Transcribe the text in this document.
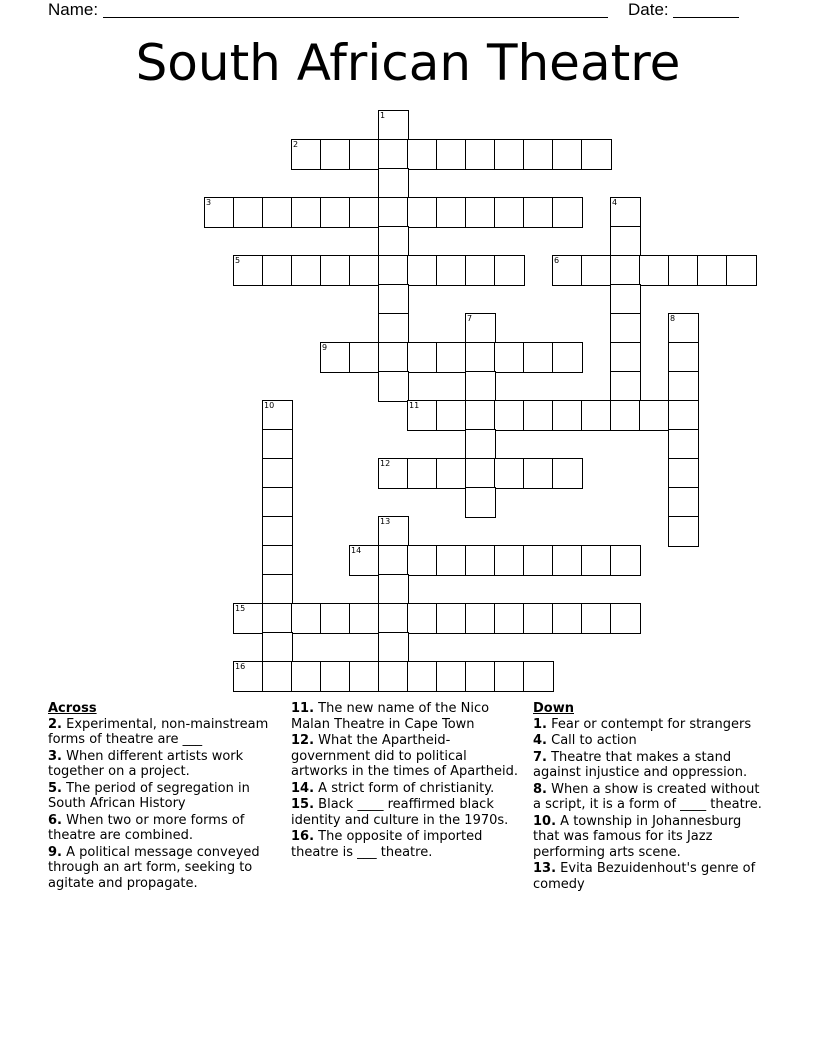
Name:	Date:
South African Theatre
1
2
3	4
5	6
7	8
9
10	11
12
13
14
15
16

Across

2. Experimental, non-mainstream forms of theatre are ___

3. When different artists work together on a project.

5. The period of segregation in South African History

6. When two or more forms of theatre are combined.

9. A political message conveyed through an art form, seeking to agitate and propagate.

11. The new name of the Nico Malan Theatre in Cape Town

12. What the Apartheid-government did to political artworks in the times of Apartheid.

14. A strict form of christianity.

15. Black ____ reaffirmed black identity and culture in the 1970s.

16. The opposite of imported theatre is ___ theatre.

Down

1. Fear or contempt for strangers

4. Call to action

7. Theatre that makes a stand against injustice and oppression.

8. When a show is created without a script, it is a form of ____ theatre.

10. A township in Johannesburg that was famous for its Jazz performing arts scene.

13. Evita Bezuidenhout's genre of comedy
